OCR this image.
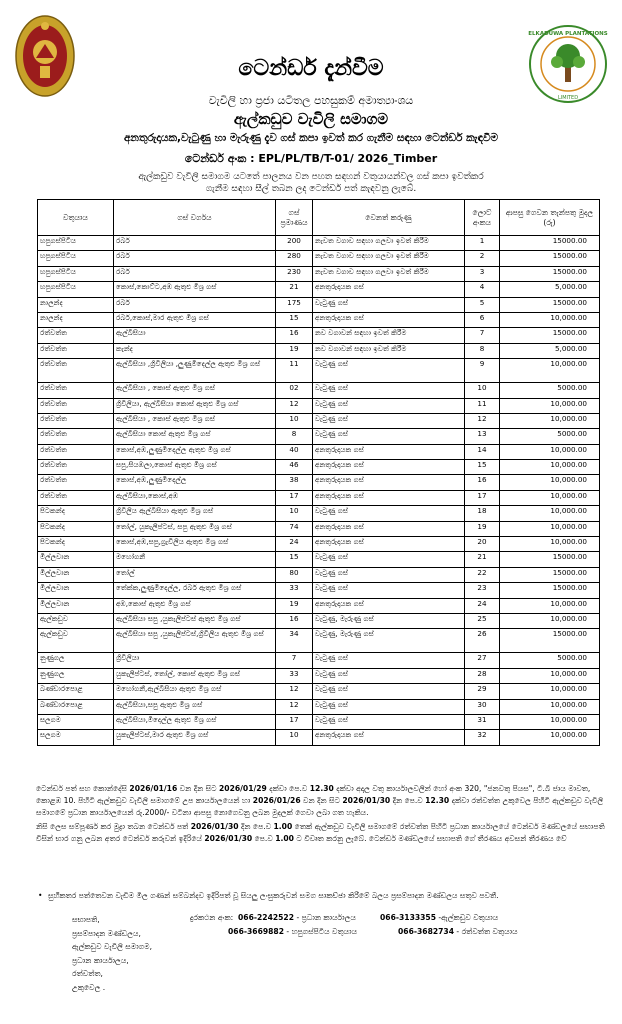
ELKADUWA PLANTATIONS
LIMITED
ටෙන්ඩර් දැන්වීම
වැවිලි හා ප්‍රජා යටිතල පහසුකම් අමාත්‍යාංශය
ඇල්කඩුව වැවිලි සමාගම
අනතුරුදායක,වැටුණු හා මැරුණු දැව ගස් කපා ඉවත් කර ගැනීම සඳහා ටෙන්ඩර් කැඳවීම
ටෙන්ඩර් අංක : EPL/PL/TB/T-01/ 2026_Timber
ඇල්කඩුව වැවිලි සමාගම යටතේ පාලනය වන පහත සඳහන් වතුයායන්වල ගස් කපා ඉවත්කර
ගැනීම සඳහා සීල් තබන ලද ටෙන්ඩර් පත් කැඳවනු ලැබේ.
වතුයාය	ගස් වර්ගය	ගස් ප්‍රමාණය	වෙනත් කරුණු	ලොට් අංකය	ආපසු ගෙවන තැන්පතු මුදල (රු)
හපුගස්පිටිය	රබර්	200	නැවත වගාව සඳහා ගලවා ඉවත් කිරීම	1	15000.00
හපුගස්පිටිය	රබර්	280	නැවත වගාව සඳහා ගලවා ඉවත් කිරීම	2	15000.00
හපුගස්පිටිය	රබර්	230	නැවත වගාව සඳහා ගලවා ඉවත් කිරීම	3	15000.00
හපුගස්පිටිය	කොස්,කොට්ට,අඹ ඇතුළු මිශ්‍ර ගස්	21	අනතුරුදායක ගස්	4	5,000.00
නාලන්ද	රබර්	175	වැටුණු ගස්	5	15000.00
නාලන්ද	රබර්,කොස්,මාර ඇතුළු මිශ්‍ර ගස්	15	අනතුරුදායක ගස්	6	10,000.00
රත්වත්ත	ඇල්බීසියා	16	නව වගාවන් සඳහා ඉවත් කිරීම	7	15000.00
රත්වත්ත	කැන්ද	19	නව වගාවන් සඳහා ඉවත් කිරීම	8	5,000.00
රත්වත්ත	ඇල්බීසියා ,ග්‍රිවිලියා ,ලුණුමිදෙල්ල ඇතුළු මිශ්‍ර ගස්	11	වැටුණු ගස්	9	10,000.00
රත්වත්ත	ඇල්බීසියා , කොස් ඇතුළු මිශ්‍ර ගස්	02	වැටුණු ගස්	10	5000.00
රත්වත්ත	ග්‍රිවිලියා, ඇල්බීසියා කොස් ඇතුළු මිශ්‍ර ගස්	12	වැටුණු ගස්	11	10,000.00
රත්වත්ත	ඇල්බීසියා , කොස් ඇතුළු මිශ්‍ර ගස්	10	වැටුණු ගස්	12	10,000.00
රත්වත්ත	ඇල්බීසියා කොස් ඇතුළු මිශ්‍ර ගස්	8	වැටුණු ගස්	13	5000.00
රත්වත්ත	කොස්,අඹ,ලුණුමිදෙල්ල ඇතුළු මිශ්‍ර ගස්	40	අනතුරුදායක ගස්	14	10,000.00
රත්වත්ත	සපු,සියඹලා,කොස් ඇතුළු මිශ්‍ර ගස්	46	අනතුරුදායක ගස්	15	10,000.00
රත්වත්ත	කොස්,අඹ,ලුණුමිදෙල්ල	38	අනතුරුදායක ගස්	16	10,000.00
රත්වත්ත	ඇල්බීසියා,කොස්,අඹ	17	අනතුරුදායක ගස්	17	10,000.00
පිටකන්ද	ග්‍රිවිලිය ඇල්බීසියා ඇතුළු මිශ්‍ර ගස්	10	වැටුණු ගස්	18	10,000.00
පිටකන්ද	තෝල්, යුකැලිප්ටස්, සපු ඇතුළු මිශ්‍ර ගස්	74	අනතුරුදායක ගස්	19	10,000.00
පිටකන්ද	කොස්,අඹ,සපු,ග්‍රැවිලිය ඇතුළු මිශ්‍ර ගස්	24	අනතුරුදායක ගස්	20	10,000.00
මිල්ලවාන	මහෝගනී	15	වැටුණු ගස්	21	15000.00
මිල්ලවාන	තෝල්	80	වැටුණු ගස්	22	15000.00
මිල්ලවාන	තේක්ක,ලුණුමිදෙල්ල, රබර් ඇතුළු මිශ්‍ර ගස්	33	වැටුණු ගස්	23	15000.00
මිල්ලවාන	අඹ,කොස් ඇතුළු මිශ්‍ර ගස්	19	අනතුරුදායක ගස්	24	10,000.00
ඇල්කඩුව	ඇල්බීසියා සපු ,යුකැලිප්ටස් ඇතුළු මිශ්‍ර ගස්	16	වැටුණු, මැරුණු ගස්	25	10,000.00
ඇල්කඩුව	ඇල්බීසියා සපු ,යුකැලිප්ටස්,ග්‍රිවිලිය ඇතුළු මිශ්‍ර ගස්	34	වැටුණු, මැරුණු ගස්	26	15000.00
නුණුගල	ග්‍රිවිලියා	7	වැටුණු ගස්	27	5000.00
නුණුගල	යුකැලිප්ටස්, තෝල්, කොස් ඇතුළු මිශ්‍ර ගස්	33	වැටුණු ගස්	28	10,000.00
බණ්ඩාරපොළ	මහෝගනී,ඇල්බීසියා ඇතුළු මිශ්‍ර ගස්	12	වැටුණු ගස්	29	10,000.00
බණ්ඩාරපොළ	ඇල්බීසියා,සපු ඇතුළු මිශ්‍ර ගස්	12	වැටුණු ගස්	30	10,000.00
සලගම	ඇල්බීසියා,මිදෙල්ල ඇතුළු මිශ්‍ර ගස්	17	වැටුණු ගස්	31	10,000.00
සලගම	යුකැලිප්ටස්,මාර ඇතුළු මිශ්‍ර ගස්	10	අනතුරුදායක ගස්	32	10,000.00

ටෙන්ඩර් පත් සහ කොන්දේසි 2026/01/16 වන දින සිට 2026/01/29 දක්වා පෙ.ව 12.30 දක්වා අදාල වතු කාර්යාලවලින් හෝ අංක 320, "ජනවතු පියස", ටී.බී ජාය මාවත, කොළඹ 10. පිහිටි ඇල්කඩුව වැවිලි සමාගමේ උප කාර්යාලයෙන් හා 2026/01/26 වන දින සිට 2026/01/30 දින පෙ.ව 12.30 දක්වා රත්වත්ත උකුවෙල පිහිටි ඇල්කඩුව වැවිලි සමාගමේ ප්‍රධාන කාර්යාලයෙන් රු.2000/- වටිනා ආපසු නොගෙවනු ලබන මුදලක් ගෙවා ලබා ගත හැකිය.

නිසි ලෙස සම්පූර්ණ කර මුද්‍රා තබන ටෙන්ඩර් පත් 2026/01/30 දින පෙ.ව 1.00 තෙක් ඇල්කඩුව වැවිලි සමාගමේ රත්වත්ත පිහිටි ප්‍රධාන කාර්යාලයේ ටෙන්ඩර් මණ්ඩලයේ සභාපති විසින් භාර ගනු ලබන අතර ටෙන්ඩර් කරුවන් ඉදිරියේ 2026/01/30 පෙ.ව 1.00 ට විවෘත කරනු ලැබේ. ටෙන්ඩර් මණ්ඩලයේ සභාපති ගේ තීරණය අවසන් තීරණය වේ

• සුහීකතර පත්තෙවන වැඩිම මිල ගණන් සම්බන්දව ඉදිරිපත් වූ සියලු ලංසුකරුවන් සමග සාකච්ඡා කිරීමේ බලය ප්‍රසම්පාදන මණ්ඩලය සතුව පවතී.
සභාපති,
ප්‍රසම්පාදන මණ්ඩලය,
ඇල්කඩුව වැවිලි සමාගම,
ප්‍රධාන කාර්යාලය,
රත්වත්ත,
උකුවෙල .
දුරකථන අංක: 066-2242522 - ප්‍රධාන කාර්යාලය	066-3133355 -ඇල්කඩුව වතුයාය
066-3669882 - හපුගස්පිටිය වතුයාය	066-3682734 - රත්වත්ත වතුයාය
